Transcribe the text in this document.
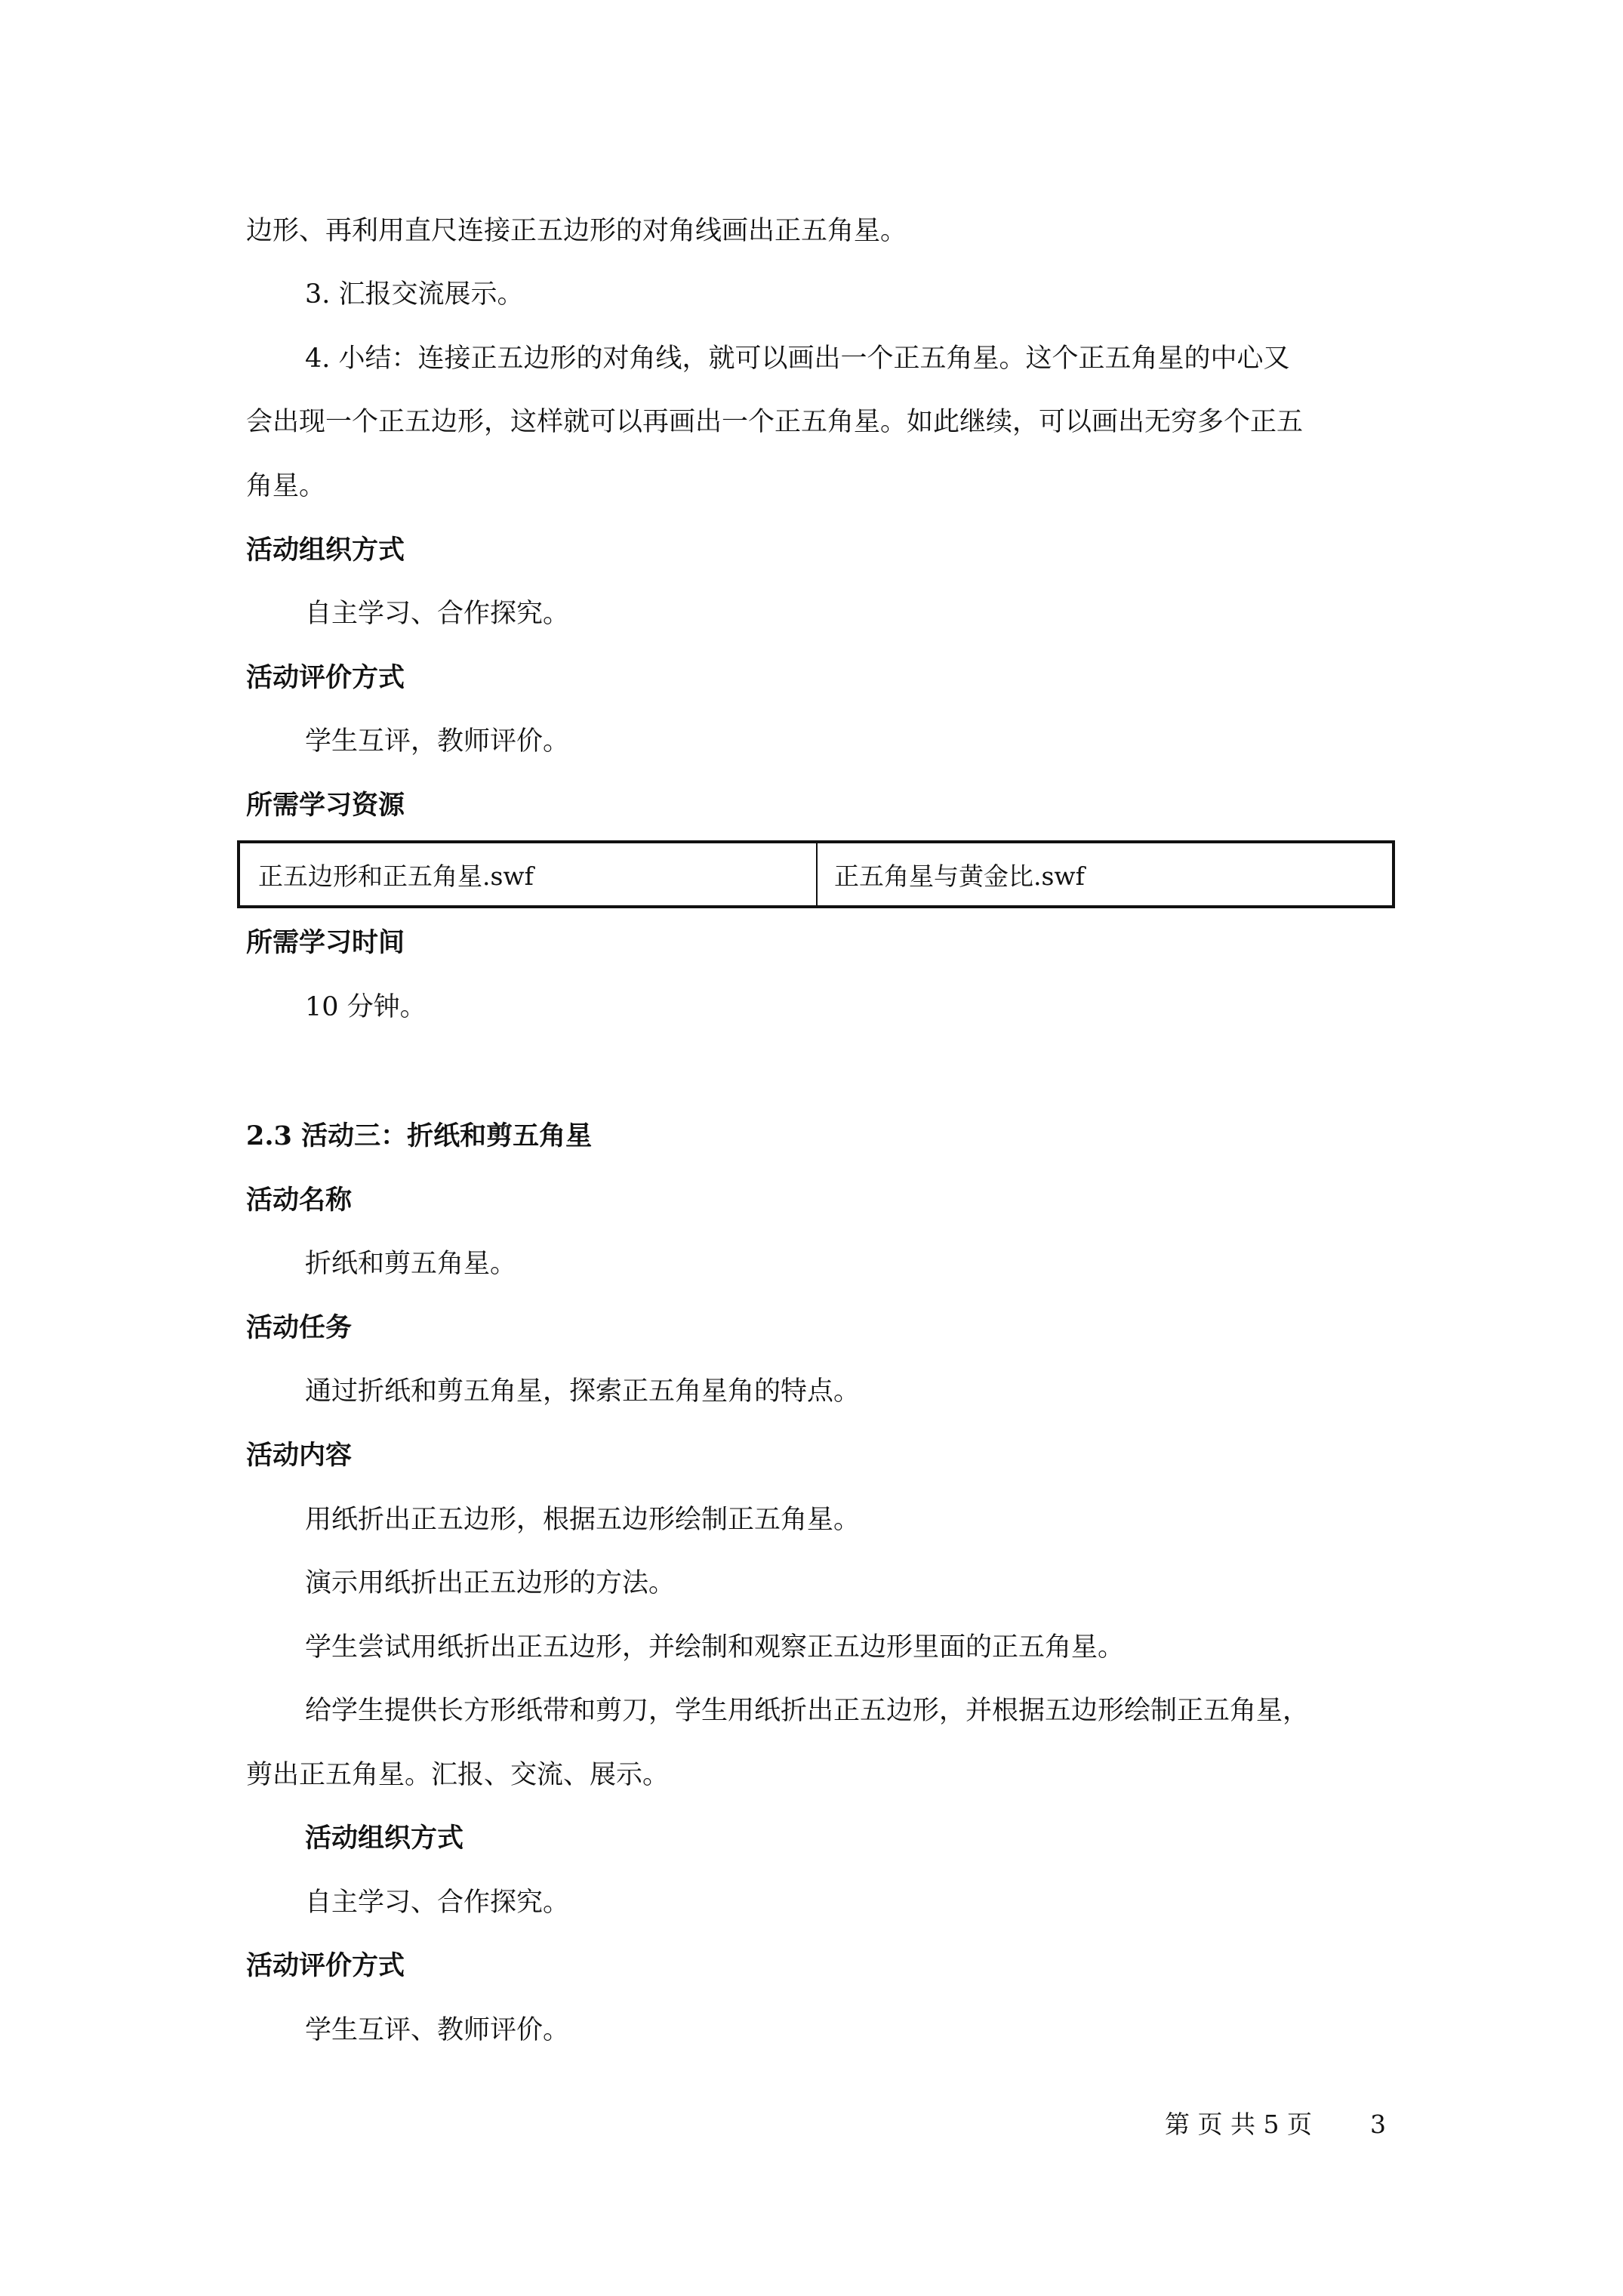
边形、再利用直尺连接正五边形的对角线画出正五角星。
3. 汇报交流展示。
4. 小结：连接正五边形的对角线，就可以画出一个正五角星。这个正五角星的中心又
会出现一个正五边形，这样就可以再画出一个正五角星。如此继续，可以画出无穷多个正五
角星。
活动组织方式
自主学习、合作探究。
活动评价方式
学生互评，教师评价。
所需学习资源
正五边形和正五角星.swf	正五角星与黄金比.swf
所需学习时间
10 分钟。
2.3 活动三：折纸和剪五角星
活动名称
折纸和剪五角星。
活动任务
通过折纸和剪五角星，探索正五角星角的特点。
活动内容
用纸折出正五边形，根据五边形绘制正五角星。
演示用纸折出正五边形的方法。
学生尝试用纸折出正五边形，并绘制和观察正五边形里面的正五角星。
给学生提供长方形纸带和剪刀，学生用纸折出正五边形，并根据五边形绘制正五角星，
剪出正五角星。汇报、交流、展示。
活动组织方式
自主学习、合作探究。
活动评价方式
学生互评、教师评价。
第 页 共 5 页 3
